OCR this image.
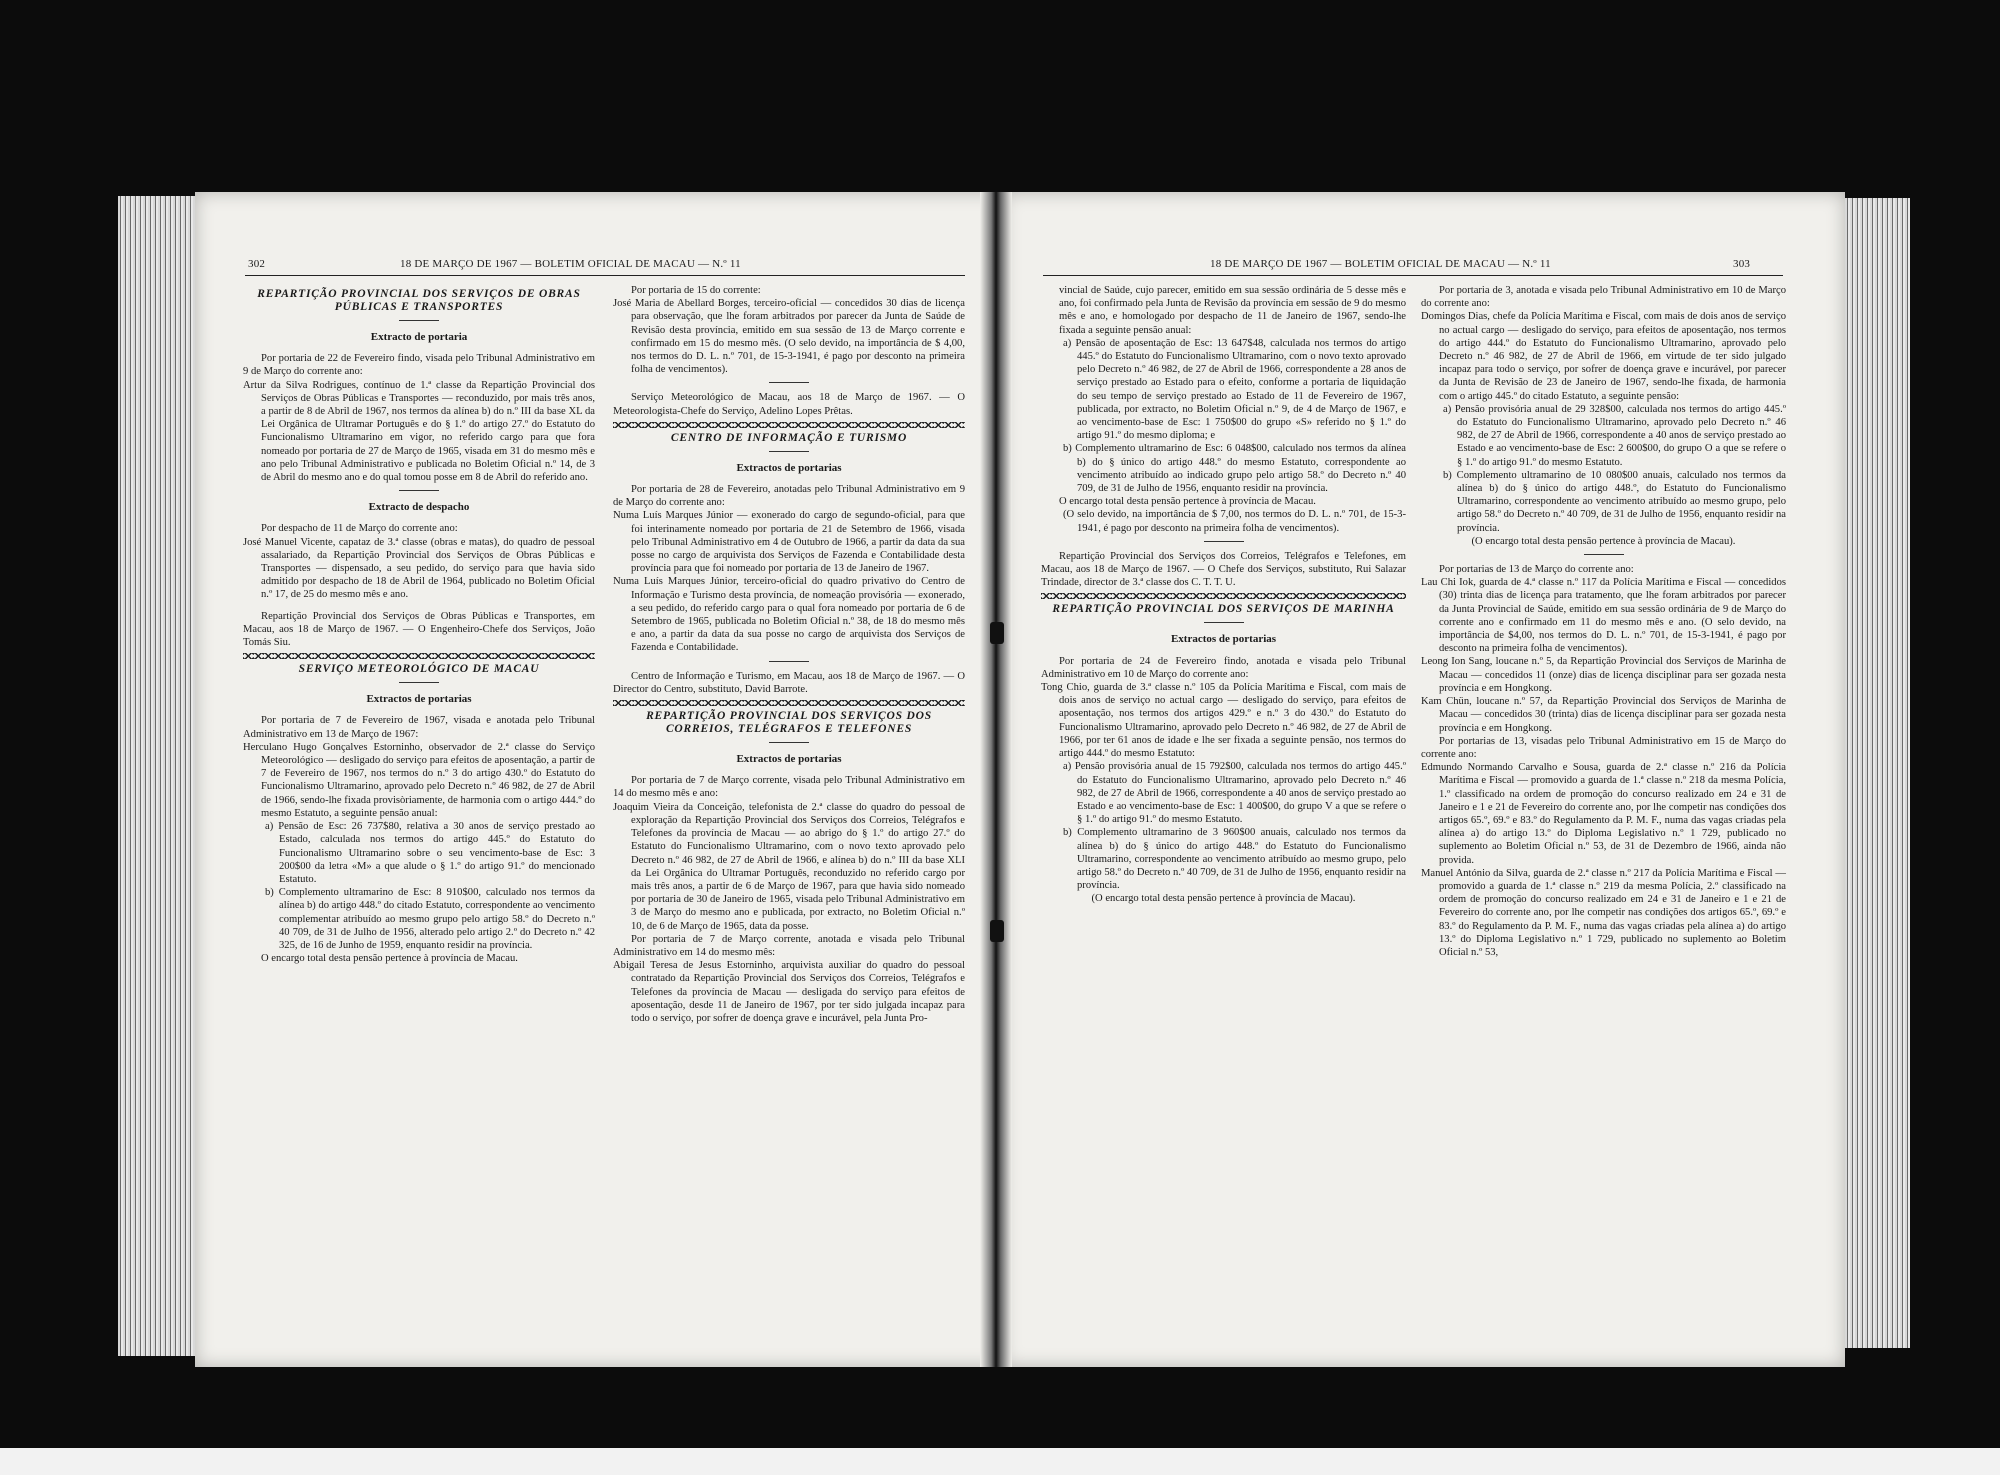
302	18 DE MARÇO DE 1967 — BOLETIM OFICIAL DE MACAU — N.º 11
REPARTIÇÃO PROVINCIAL DOS SERVIÇOS DE OBRAS PÚBLICAS E TRANSPORTES
Extracto de portaria

Por portaria de 22 de Fevereiro findo, visada pelo Tribunal Administrativo em 9 de Março do corrente ano:

Artur da Silva Rodrigues, contínuo de 1.ª classe da Repartição Provincial dos Serviços de Obras Públicas e Transportes — reconduzido, por mais três anos, a partir de 8 de Abril de 1967, nos termos da alínea b) do n.º III da base XL da Lei Orgânica de Ultramar Português e do § 1.º do artigo 27.º do Estatuto do Funcionalismo Ultramarino em vigor, no referido cargo para que fora nomeado por portaria de 27 de Março de 1965, visada em 31 do mesmo mês e ano pelo Tribunal Administrativo e publicada no Boletim Oficial n.º 14, de 3 de Abril do mesmo ano e do qual tomou posse em 8 de Abril do referido ano.

Extracto de despacho

Por despacho de 11 de Março do corrente ano:

José Manuel Vicente, capataz de 3.ª classe (obras e matas), do quadro de pessoal assalariado, da Repartição Provincial dos Serviços de Obras Públicas e Transportes — dispensado, a seu pedido, do serviço para que havia sido admitido por despacho de 18 de Abril de 1964, publicado no Boletim Oficial n.º 17, de 25 do mesmo mês e ano.

Repartição Provincial dos Serviços de Obras Públicas e Transportes, em Macau, aos 18 de Março de 1967. — O Engenheiro-Chefe dos Serviços, João Tomás Siu.

SERVIÇO METEOROLÓGICO DE MACAU
Extractos de portarias

Por portaria de 7 de Fevereiro de 1967, visada e anotada pelo Tribunal Administrativo em 13 de Março de 1967:

Herculano Hugo Gonçalves Estorninho, observador de 2.ª classe do Serviço Meteorológico — desligado do serviço para efeitos de aposentação, a partir de 7 de Fevereiro de 1967, nos termos do n.º 3 do artigo 430.º do Estatuto do Funcionalismo Ultramarino, aprovado pelo Decreto n.º 46 982, de 27 de Abril de 1966, sendo-lhe fixada provisòriamente, de harmonia com o artigo 444.º do mesmo Estatuto, a seguinte pensão anual:

a) Pensão de Esc: 26 737$80, relativa a 30 anos de serviço prestado ao Estado, calculada nos termos do artigo 445.º do Estatuto do Funcionalismo Ultramarino sobre o seu vencimento-base de Esc: 3 200$00 da letra «M» a que alude o § 1.º do artigo 91.º do mencionado Estatuto.

b) Complemento ultramarino de Esc: 8 910$00, calculado nos termos da alínea b) do artigo 448.º do citado Estatuto, correspondente ao vencimento complementar atribuído ao mesmo grupo pelo artigo 58.º do Decreto n.º 40 709, de 31 de Julho de 1956, alterado pelo artigo 2.º do Decreto n.º 42 325, de 16 de Junho de 1959, enquanto residir na província.

O encargo total desta pensão pertence à província de Macau.

Por portaria de 15 do corrente:

José Maria de Abellard Borges, terceiro-oficial — concedidos 30 dias de licença para observação, que lhe foram arbitrados por parecer da Junta de Saúde de Revisão desta província, emitido em sua sessão de 13 de Março corrente e confirmado em 15 do mesmo mês. (O selo devido, na importância de $ 4,00, nos termos do D. L. n.º 701, de 15-3-1941, é pago por desconto na primeira folha de vencimentos).

Serviço Meteorológico de Macau, aos 18 de Março de 1967. — O Meteorologista-Chefe do Serviço, Adelino Lopes Prêtas.

CENTRO DE INFORMAÇÃO E TURISMO
Extractos de portarias

Por portaria de 28 de Fevereiro, anotadas pelo Tribunal Administrativo em 9 de Março do corrente ano:

Numa Luís Marques Júnior — exonerado do cargo de segundo-oficial, para que foi interinamente nomeado por portaria de 21 de Setembro de 1966, visada pelo Tribunal Administrativo em 4 de Outubro de 1966, a partir da data da sua posse no cargo de arquivista dos Serviços de Fazenda e Contabilidade desta província para que foi nomeado por portaria de 13 de Janeiro de 1967.

Numa Luís Marques Júnior, terceiro-oficial do quadro privativo do Centro de Informação e Turismo desta província, de nomeação provisória — exonerado, a seu pedido, do referido cargo para o qual fora nomeado por portaria de 6 de Setembro de 1965, publicada no Boletim Oficial n.º 38, de 18 do mesmo mês e ano, a partir da data da sua posse no cargo de arquivista dos Serviços de Fazenda e Contabilidade.

Centro de Informação e Turismo, em Macau, aos 18 de Março de 1967. — O Director do Centro, substituto, David Barrote.

REPARTIÇÃO PROVINCIAL DOS SERVIÇOS DOS CORREIOS, TELÉGRAFOS E TELEFONES
Extractos de portarias

Por portaria de 7 de Março corrente, visada pelo Tribunal Administrativo em 14 do mesmo mês e ano:

Joaquim Vieira da Conceição, telefonista de 2.ª classe do quadro do pessoal de exploração da Repartição Provincial dos Serviços dos Correios, Telégrafos e Telefones da província de Macau — ao abrigo do § 1.º do artigo 27.º do Estatuto do Funcionalismo Ultramarino, com o novo texto aprovado pelo Decreto n.º 46 982, de 27 de Abril de 1966, e alínea b) do n.º III da base XLI da Lei Orgânica do Ultramar Português, reconduzido no referido cargo por mais três anos, a partir de 6 de Março de 1967, para que havia sido nomeado por portaria de 30 de Janeiro de 1965, visada pelo Tribunal Administrativo em 3 de Março do mesmo ano e publicada, por extracto, no Boletim Oficial n.º 10, de 6 de Março de 1965, data da posse.

Por portaria de 7 de Março corrente, anotada e visada pelo Tribunal Administrativo em 14 do mesmo mês:

Abigail Teresa de Jesus Estorninho, arquivista auxiliar do quadro do pessoal contratado da Repartição Provincial dos Serviços dos Correios, Telégrafos e Telefones da província de Macau — desligada do serviço para efeitos de aposentação, desde 11 de Janeiro de 1967, por ter sido julgada incapaz para todo o serviço, por sofrer de doença grave e incurável, pela Junta Pro-

18 DE MARÇO DE 1967 — BOLETIM OFICIAL DE MACAU — N.º 11	303

vincial de Saúde, cujo parecer, emitido em sua sessão ordinária de 5 desse mês e ano, foi confirmado pela Junta de Revisão da província em sessão de 9 do mesmo mês e ano, e homologado por despacho de 11 de Janeiro de 1967, sendo-lhe fixada a seguinte pensão anual:

a) Pensão de aposentação de Esc: 13 647$48, calculada nos termos do artigo 445.º do Estatuto do Funcionalismo Ultramarino, com o novo texto aprovado pelo Decreto n.º 46 982, de 27 de Abril de 1966, correspondente a 28 anos de serviço prestado ao Estado para o efeito, conforme a portaria de liquidação do seu tempo de serviço prestado ao Estado de 11 de Fevereiro de 1967, publicada, por extracto, no Boletim Oficial n.º 9, de 4 de Março de 1967, e ao vencimento-base de Esc: 1 750$00 do grupo «S» referido no § 1.º do artigo 91.º do mesmo diploma; e

b) Complemento ultramarino de Esc: 6 048$00, calculado nos termos da alínea b) do § único do artigo 448.º do mesmo Estatuto, correspondente ao vencimento atribuído ao indicado grupo pelo artigo 58.º do Decreto n.º 40 709, de 31 de Julho de 1956, enquanto residir na província.

O encargo total desta pensão pertence à província de Macau.

(O selo devido, na importância de $ 7,00, nos termos do D. L. n.º 701, de 15-3-1941, é pago por desconto na primeira folha de vencimentos).

Repartição Provincial dos Serviços dos Correios, Telégrafos e Telefones, em Macau, aos 18 de Março de 1967. — O Chefe dos Serviços, substituto, Rui Salazar Trindade, director de 3.ª classe dos C. T. T. U.

REPARTIÇÃO PROVINCIAL DOS SERVIÇOS DE MARINHA
Extractos de portarias

Por portaria de 24 de Fevereiro findo, anotada e visada pelo Tribunal Administrativo em 10 de Março do corrente ano:

Tong Chio, guarda de 3.ª classe n.º 105 da Polícia Marítima e Fiscal, com mais de dois anos de serviço no actual cargo — desligado do serviço, para efeitos de aposentação, nos termos dos artigos 429.º e n.º 3 do 430.º do Estatuto do Funcionalismo Ultramarino, aprovado pelo Decreto n.º 46 982, de 27 de Abril de 1966, por ter 61 anos de idade e lhe ser fixada a seguinte pensão, nos termos do artigo 444.º do mesmo Estatuto:

a) Pensão provisória anual de 15 792$00, calculada nos termos do artigo 445.º do Estatuto do Funcionalismo Ultramarino, aprovado pelo Decreto n.º 46 982, de 27 de Abril de 1966, correspondente a 40 anos de serviço prestado ao Estado e ao vencimento-base de Esc: 1 400$00, do grupo V a que se refere o § 1.º do artigo 91.º do mesmo Estatuto.

b) Complemento ultramarino de 3 960$00 anuais, calculado nos termos da alínea b) do § único do artigo 448.º do Estatuto do Funcionalismo Ultramarino, correspondente ao vencimento atribuído ao mesmo grupo, pelo artigo 58.º do Decreto n.º 40 709, de 31 de Julho de 1956, enquanto residir na província.

(O encargo total desta pensão pertence à província de Macau).

Por portaria de 3, anotada e visada pelo Tribunal Administrativo em 10 de Março do corrente ano:

Domingos Dias, chefe da Polícia Marítima e Fiscal, com mais de dois anos de serviço no actual cargo — desligado do serviço, para efeitos de aposentação, nos termos do artigo 444.º do Estatuto do Funcionalismo Ultramarino, aprovado pelo Decreto n.º 46 982, de 27 de Abril de 1966, em virtude de ter sido julgado incapaz para todo o serviço, por sofrer de doença grave e incurável, por parecer da Junta de Revisão de 23 de Janeiro de 1967, sendo-lhe fixada, de harmonia com o artigo 445.º do citado Estatuto, a seguinte pensão:

a) Pensão provisória anual de 29 328$00, calculada nos termos do artigo 445.º do Estatuto do Funcionalismo Ultramarino, aprovado pelo Decreto n.º 46 982, de 27 de Abril de 1966, correspondente a 40 anos de serviço prestado ao Estado e ao vencimento-base de Esc: 2 600$00, do grupo O a que se refere o § 1.º do artigo 91.º do mesmo Estatuto.

b) Complemento ultramarino de 10 080$00 anuais, calculado nos termos da alínea b) do § único do artigo 448.º, do Estatuto do Funcionalismo Ultramarino, correspondente ao vencimento atribuído ao mesmo grupo, pelo artigo 58.º do Decreto n.º 40 709, de 31 de Julho de 1956, enquanto residir na província.

(O encargo total desta pensão pertence à província de Macau).

Por portarias de 13 de Março do corrente ano:

Lau Chi Iok, guarda de 4.ª classe n.º 117 da Polícia Marítima e Fiscal — concedidos (30) trinta dias de licença para tratamento, que lhe foram arbitrados por parecer da Junta Provincial de Saúde, emitido em sua sessão ordinária de 9 de Março do corrente ano e confirmado em 11 do mesmo mês e ano. (O selo devido, na importância de $4,00, nos termos do D. L. n.º 701, de 15-3-1941, é pago por desconto na primeira folha de vencimentos).

Leong Ion Sang, loucane n.º 5, da Repartição Provincial dos Serviços de Marinha de Macau — concedidos 11 (onze) dias de licença disciplinar para ser gozada nesta província e em Hongkong.

Kam Chün, loucane n.º 57, da Repartição Provincial dos Serviços de Marinha de Macau — concedidos 30 (trinta) dias de licença disciplinar para ser gozada nesta província e em Hongkong.

Por portarias de 13, visadas pelo Tribunal Administrativo em 15 de Março do corrente ano:

Edmundo Normando Carvalho e Sousa, guarda de 2.ª classe n.º 216 da Polícia Marítima e Fiscal — promovido a guarda de 1.ª classe n.º 218 da mesma Polícia, 1.º classificado na ordem de promoção do concurso realizado em 24 e 31 de Janeiro e 1 e 21 de Fevereiro do corrente ano, por lhe competir nas condições dos artigos 65.º, 69.º e 83.º do Regulamento da P. M. F., numa das vagas criadas pela alínea a) do artigo 13.º do Diploma Legislativo n.º 1 729, publicado no suplemento ao Boletim Oficial n.º 53, de 31 de Dezembro de 1966, ainda não provida.

Manuel António da Silva, guarda de 2.ª classe n.º 217 da Polícia Marítima e Fiscal — promovido a guarda de 1.ª classe n.º 219 da mesma Polícia, 2.º classificado na ordem de promoção do concurso realizado em 24 e 31 de Janeiro e 1 e 21 de Fevereiro do corrente ano, por lhe competir nas condições dos artigos 65.º, 69.º e 83.º do Regulamento da P. M. F., numa das vagas criadas pela alínea a) do artigo 13.º do Diploma Legislativo n.º 1 729, publicado no suplemento ao Boletim Oficial n.º 53,
